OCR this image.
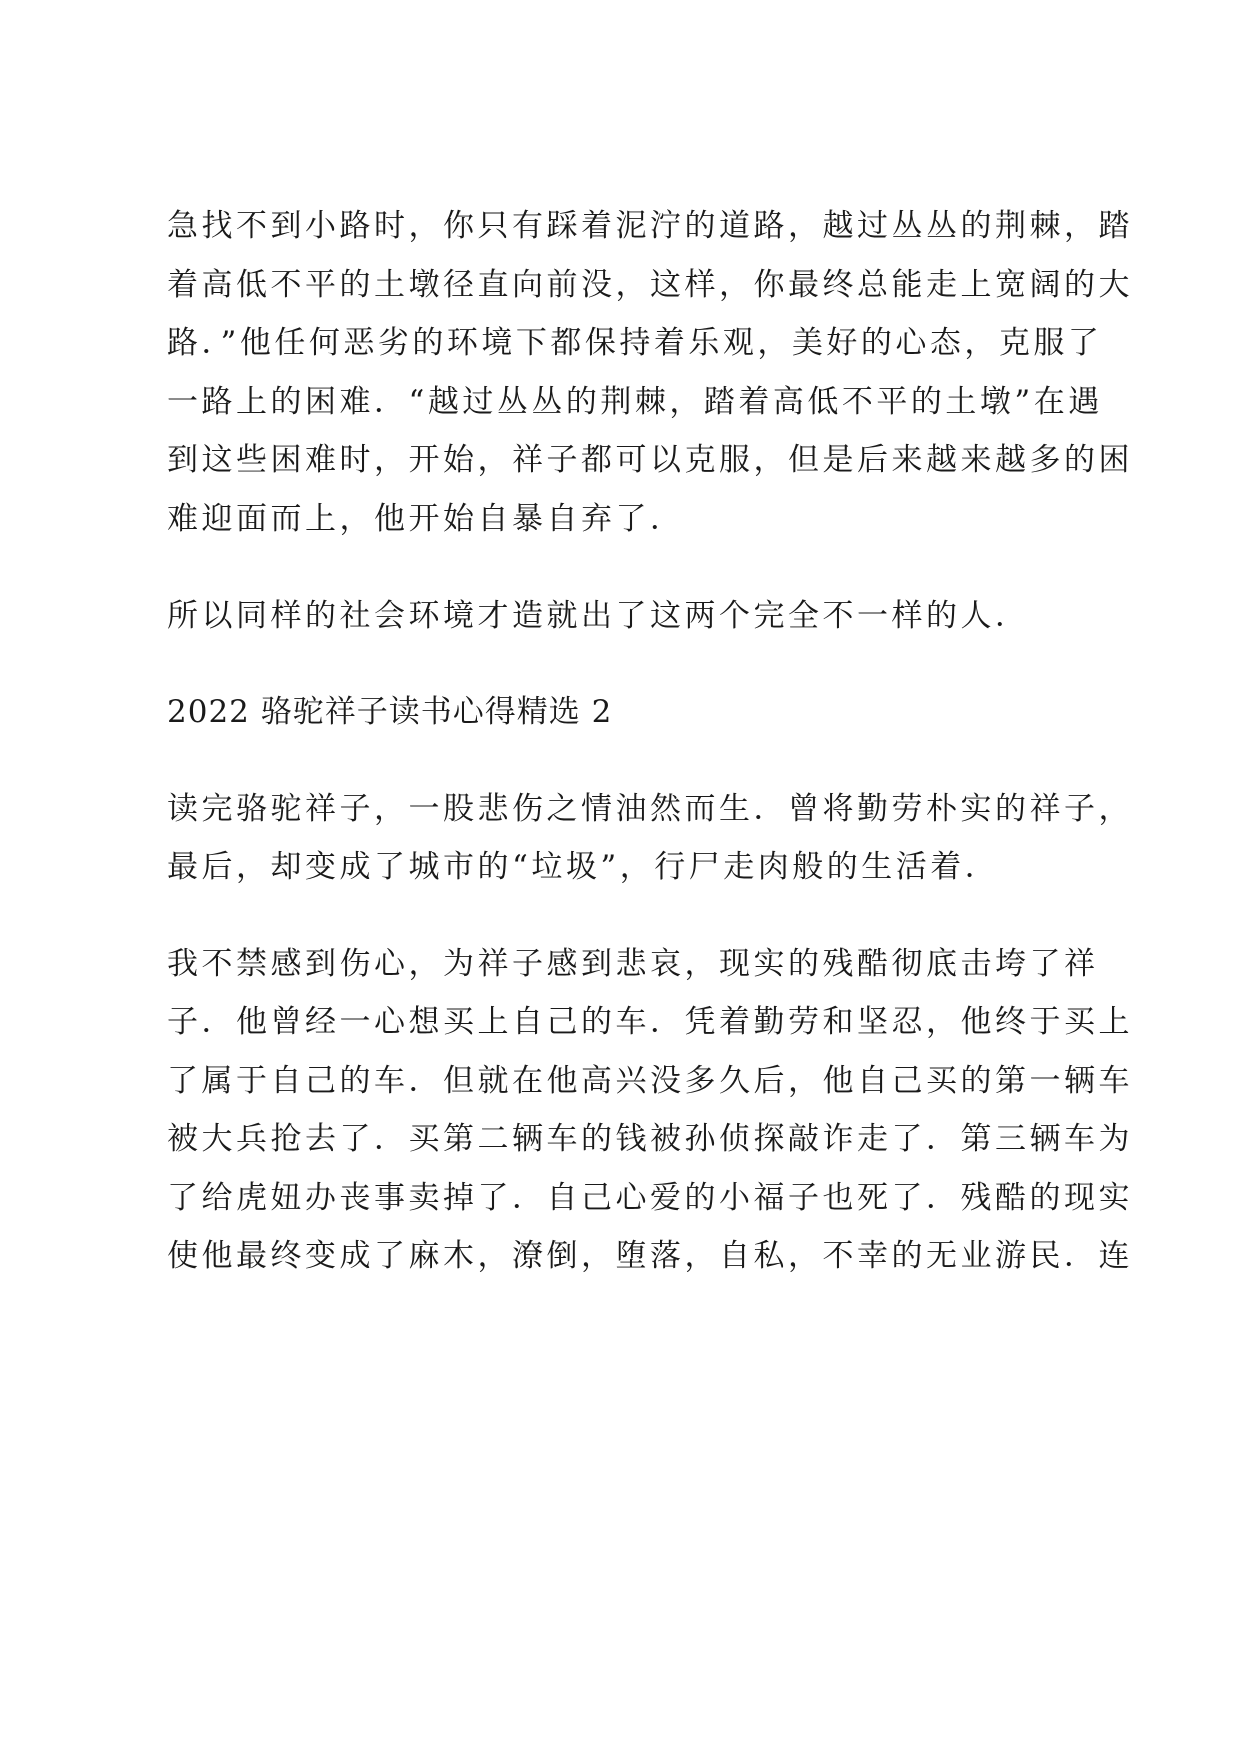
急找不到小路时，你只有踩着泥泞的道路，越过丛丛的荆棘，踏
着高低不平的土墩径直向前没，这样，你最终总能走上宽阔的大
路．”他任何恶劣的环境下都保持着乐观，美好的心态，克服了
一路上的困难．“越过丛丛的荆棘，踏着高低不平的土墩”在遇
到这些困难时，开始，祥子都可以克服，但是后来越来越多的困
难迎面而上，他开始自暴自弃了．
所以同样的社会环境才造就出了这两个完全不一样的人．
2022 骆驼祥子读书心得精选 2
读完骆驼祥子，一股悲伤之情油然而生．曾将勤劳朴实的祥子，
最后，却变成了城市的“垃圾”，行尸走肉般的生活着．
我不禁感到伤心，为祥子感到悲哀，现实的残酷彻底击垮了祥
子．他曾经一心想买上自己的车．凭着勤劳和坚忍，他终于买上
了属于自己的车．但就在他高兴没多久后，他自己买的第一辆车
被大兵抢去了．买第二辆车的钱被孙侦探敲诈走了．第三辆车为
了给虎妞办丧事卖掉了．自己心爱的小福子也死了．残酷的现实
使他最终变成了麻木，潦倒，堕落，自私，不幸的无业游民．连
